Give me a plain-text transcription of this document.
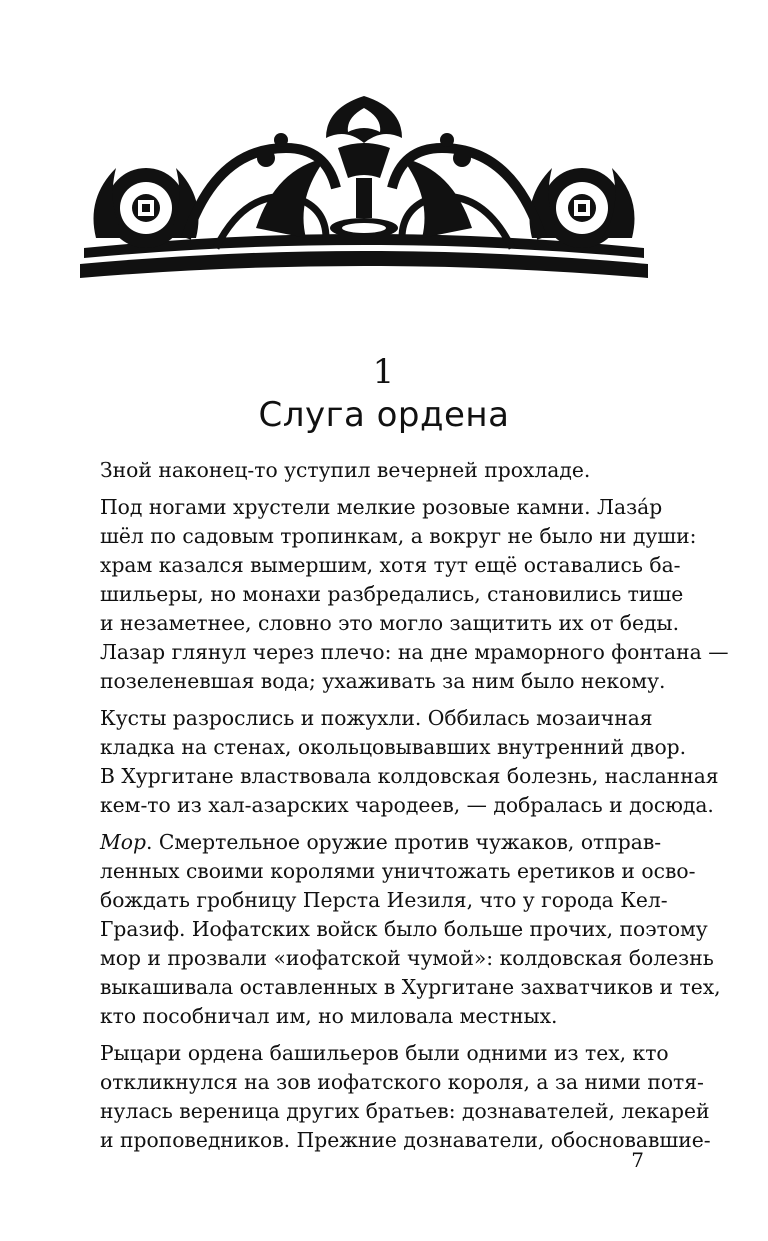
1
Слуга ордена

Зной наконец-то уступил вечерней прохладе.

Под ногами хрустели мелкие розовые камни. Лаза́р
шёл по садовым тропинкам, а вокруг не было ни души:
храм казался вымершим, хотя тут ещё оставались ба-
шильеры, но монахи разбредались, становились тише
и незаметнее, словно это могло защитить их от беды.
Лазар глянул через плечо: на дне мраморного фонтана —
позеленевшая вода; ухаживать за ним было некому.

Кусты разрослись и пожухли. Оббилась мозаичная
кладка на стенах, окольцовывавших внутренний двор.
В Хургитане властвовала колдовская болезнь, насланная
кем-то из хал-азарских чародеев, — добралась и досюда.

Мор. Смертельное оружие против чужаков, отправ-
ленных своими королями уничтожать еретиков и осво-
бождать гробницу Перста Иезиля, что у города Кел-
Гразиф. Иофатских войск было больше прочих, поэтому
мор и прозвали «иофатской чумой»: колдовская болезнь
выкашивала оставленных в Хургитане захватчиков и тех,
кто пособничал им, но миловала местных.

Рыцари ордена башильеров были одними из тех, кто
откликнулся на зов иофатского короля, а за ними потя-
нулась вереница других братьев: дознавателей, лекарей
и проповедников. Прежние дознаватели, обосновавшие-

7
